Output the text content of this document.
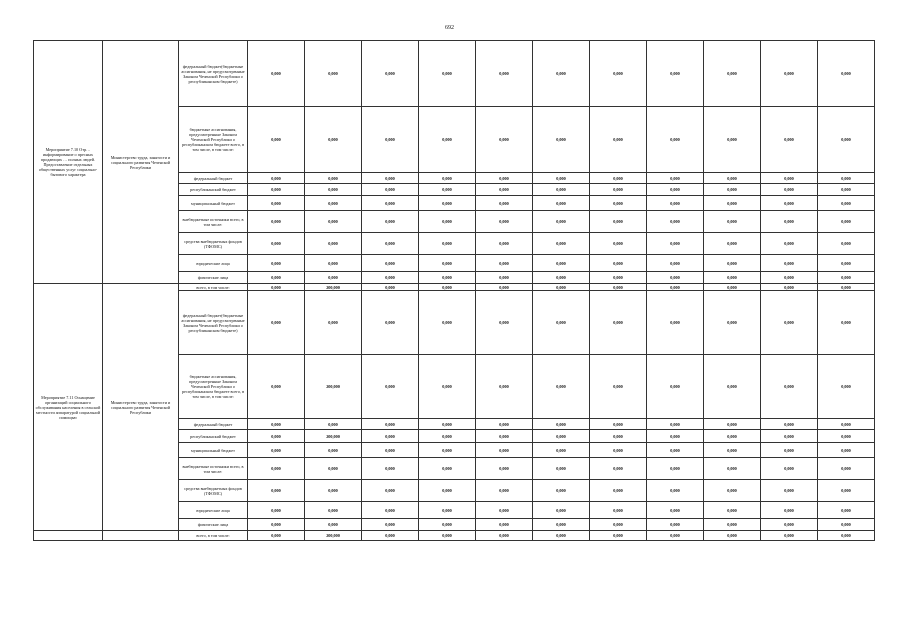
692
Мероприятие 7.10 Отр… информирование о пресных продающих … полных людей. Предоставление отдельных общественных услуг социально-бытового характера	Министерство труда, занятости и социального развития Чеченской Республики	федеральный бюджет(бюджетные ассигнования, не предусмотренные Законом Чеченской Республики о республиканском бюджете)	0,000	0,000	0,000	0,000	0,000	0,000	0,000	0,000	0,000	0,000	0,000
		бюджетные ассигнования, предусмотренные Законом Чеченской Республики о республиканском бюджете всего, в том числе, в том числе:	0,000	0,000	0,000	0,000	0,000	0,000	0,000	0,000	0,000	0,000	0,000
		федеральный бюджет	0,000	0,000	0,000	0,000	0,000	0,000	0,000	0,000	0,000	0,000	0,000
		республиканский бюджет	0,000	0,000	0,000	0,000	0,000	0,000	0,000	0,000	0,000	0,000	0,000
		муниципальный бюджет	0,000	0,000	0,000	0,000	0,000	0,000	0,000	0,000	0,000	0,000	0,000
		внебюджетные источники всего, в том числе:	0,000	0,000	0,000	0,000	0,000	0,000	0,000	0,000	0,000	0,000	0,000
		средства внебюджетных фондов (ТФОМС)	0,000	0,000	0,000	0,000	0,000	0,000	0,000	0,000	0,000	0,000	0,000
		юридические лица	0,000	0,000	0,000	0,000	0,000	0,000	0,000	0,000	0,000	0,000	0,000
		физические лица	0,000	0,000	0,000	0,000	0,000	0,000	0,000	0,000	0,000	0,000	0,000
Мероприятие 7.11 Оснащение организаций социального обслуживания населения в сельской местности аппаратурой социальной помощью	Министерство труда, занятости и социального развития Чеченской Республики	всего, в том числе:	0,000	200,000	0,000	0,000	0,000	0,000	0,000	0,000	0,000	0,000	0,000
		федеральный бюджет(бюджетные ассигнования, не предусмотренные Законом Чеченской Республики о республиканском бюджете)	0,000	0,000	0,000	0,000	0,000	0,000	0,000	0,000	0,000	0,000	0,000
		бюджетные ассигнования, предусмотренные Законом Чеченской Республики о республиканском бюджете всего, в том числе, в том числе:	0,000	200,000	0,000	0,000	0,000	0,000	0,000	0,000	0,000	0,000	0,000
		федеральный бюджет	0,000	0,000	0,000	0,000	0,000	0,000	0,000	0,000	0,000	0,000	0,000
		республиканский бюджет	0,000	200,000	0,000	0,000	0,000	0,000	0,000	0,000	0,000	0,000	0,000
		муниципальный бюджет	0,000	0,000	0,000	0,000	0,000	0,000	0,000	0,000	0,000	0,000	0,000
		внебюджетные источники всего, в том числе:	0,000	0,000	0,000	0,000	0,000	0,000	0,000	0,000	0,000	0,000	0,000
		средства внебюджетных фондов (ТФОМС)	0,000	0,000	0,000	0,000	0,000	0,000	0,000	0,000	0,000	0,000	0,000
		юридические лица	0,000	0,000	0,000	0,000	0,000	0,000	0,000	0,000	0,000	0,000	0,000
		физические лица	0,000	0,000	0,000	0,000	0,000	0,000	0,000	0,000	0,000	0,000	0,000
		всего, в том числе:	0,000	200,000	0,000	0,000	0,000	0,000	0,000	0,000	0,000	0,000	0,000
